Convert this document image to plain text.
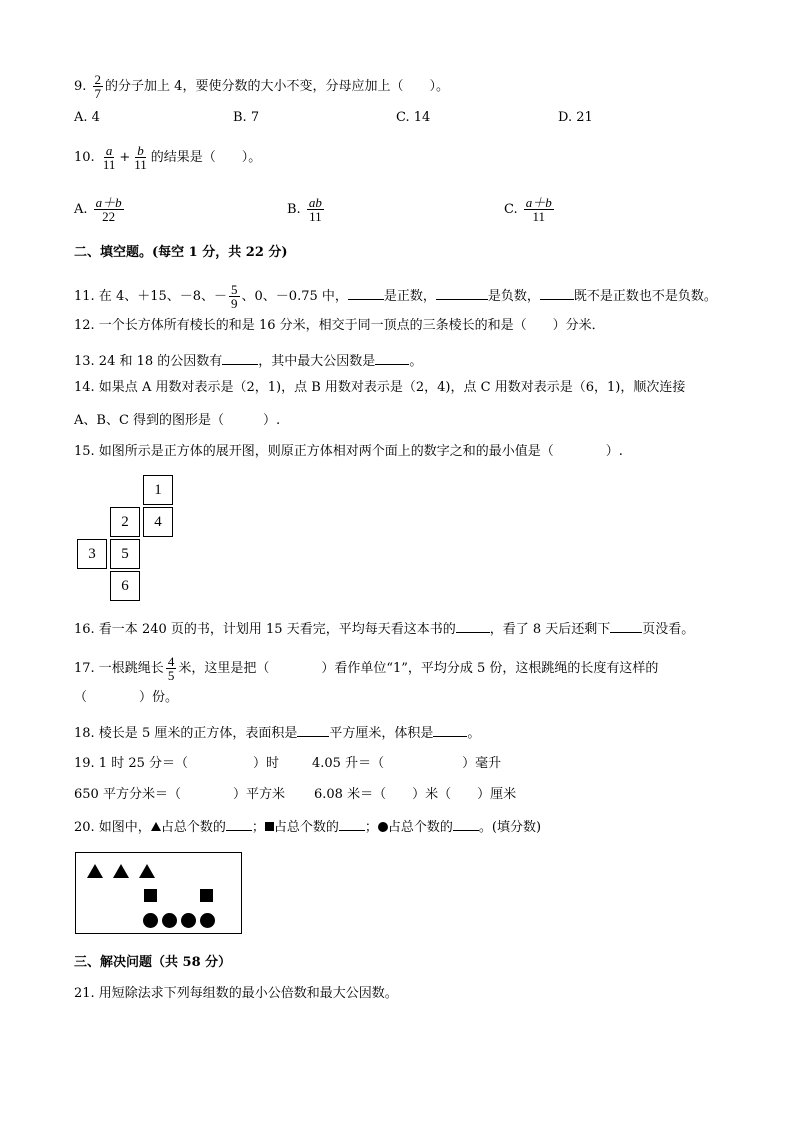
9. $\frac{2}{7}$ 的分子加上 4，要使分数的大小不变，分母应加上（　　）。
A. 4	B. 7	C. 14	D. 21
10. $\frac{a}{11} + \frac{b}{11}$ 的结果是（　　）。
A. $\frac{a+b}{22}$	B. $\frac{ab}{11}$	C. $\frac{a+b}{11}$
二、填空题。(每空 1 分，共 22 分)
11. 在 4、＋15、－8、－ $\frac{5}{9}$ 、0、－0.75 中，	是正数，	是负数，	既不是正数也不是负数。
12. 一个长方体所有棱长的和是 16 分米，相交于同一顶点的三条棱长的和是（　　）分米．
13. 24 和 18 的公因数有	，其中最大公因数是	。
14. 如果点 A 用数对表示是（2，1)，点 B 用数对表示是（2，4)，点 C 用数对表示是（6，1)，顺次连接
A、B、C 得到的图形是（　　　）.
15. 如图所示是正方体的展开图，则原正方体相对两个面上的数字之和的最小值是（　　　　）.
1
2	4
3	5
6
16. 看一本 240 页的书，计划用 15 天看完，平均每天看这本书的	，看了 8 天后还剩下 页没看。
17. 一根跳绳长 $\frac{4}{5}$ 米，这里是把（　　　　）看作单位“1”，平均分成 5 份，这根跳绳的长度有这样的
（　　　　）份。
18. 棱长是 5 厘米的正方体，表面积是 平方厘米，体积是	。
19. 1 时 25 分＝（　　　　　）时	4.05 升＝（　　　　　　）毫升
650 平方分米＝（　　　　）平方米 6.08 米＝（　　）米（　　）厘米
20. 如图中， 占总个数的 ； 占总个数的 ； 占总个数的 。(填分数)
三、解决问题（共 58 分）
21. 用短除法求下列每组数的最小公倍数和最大公因数。
